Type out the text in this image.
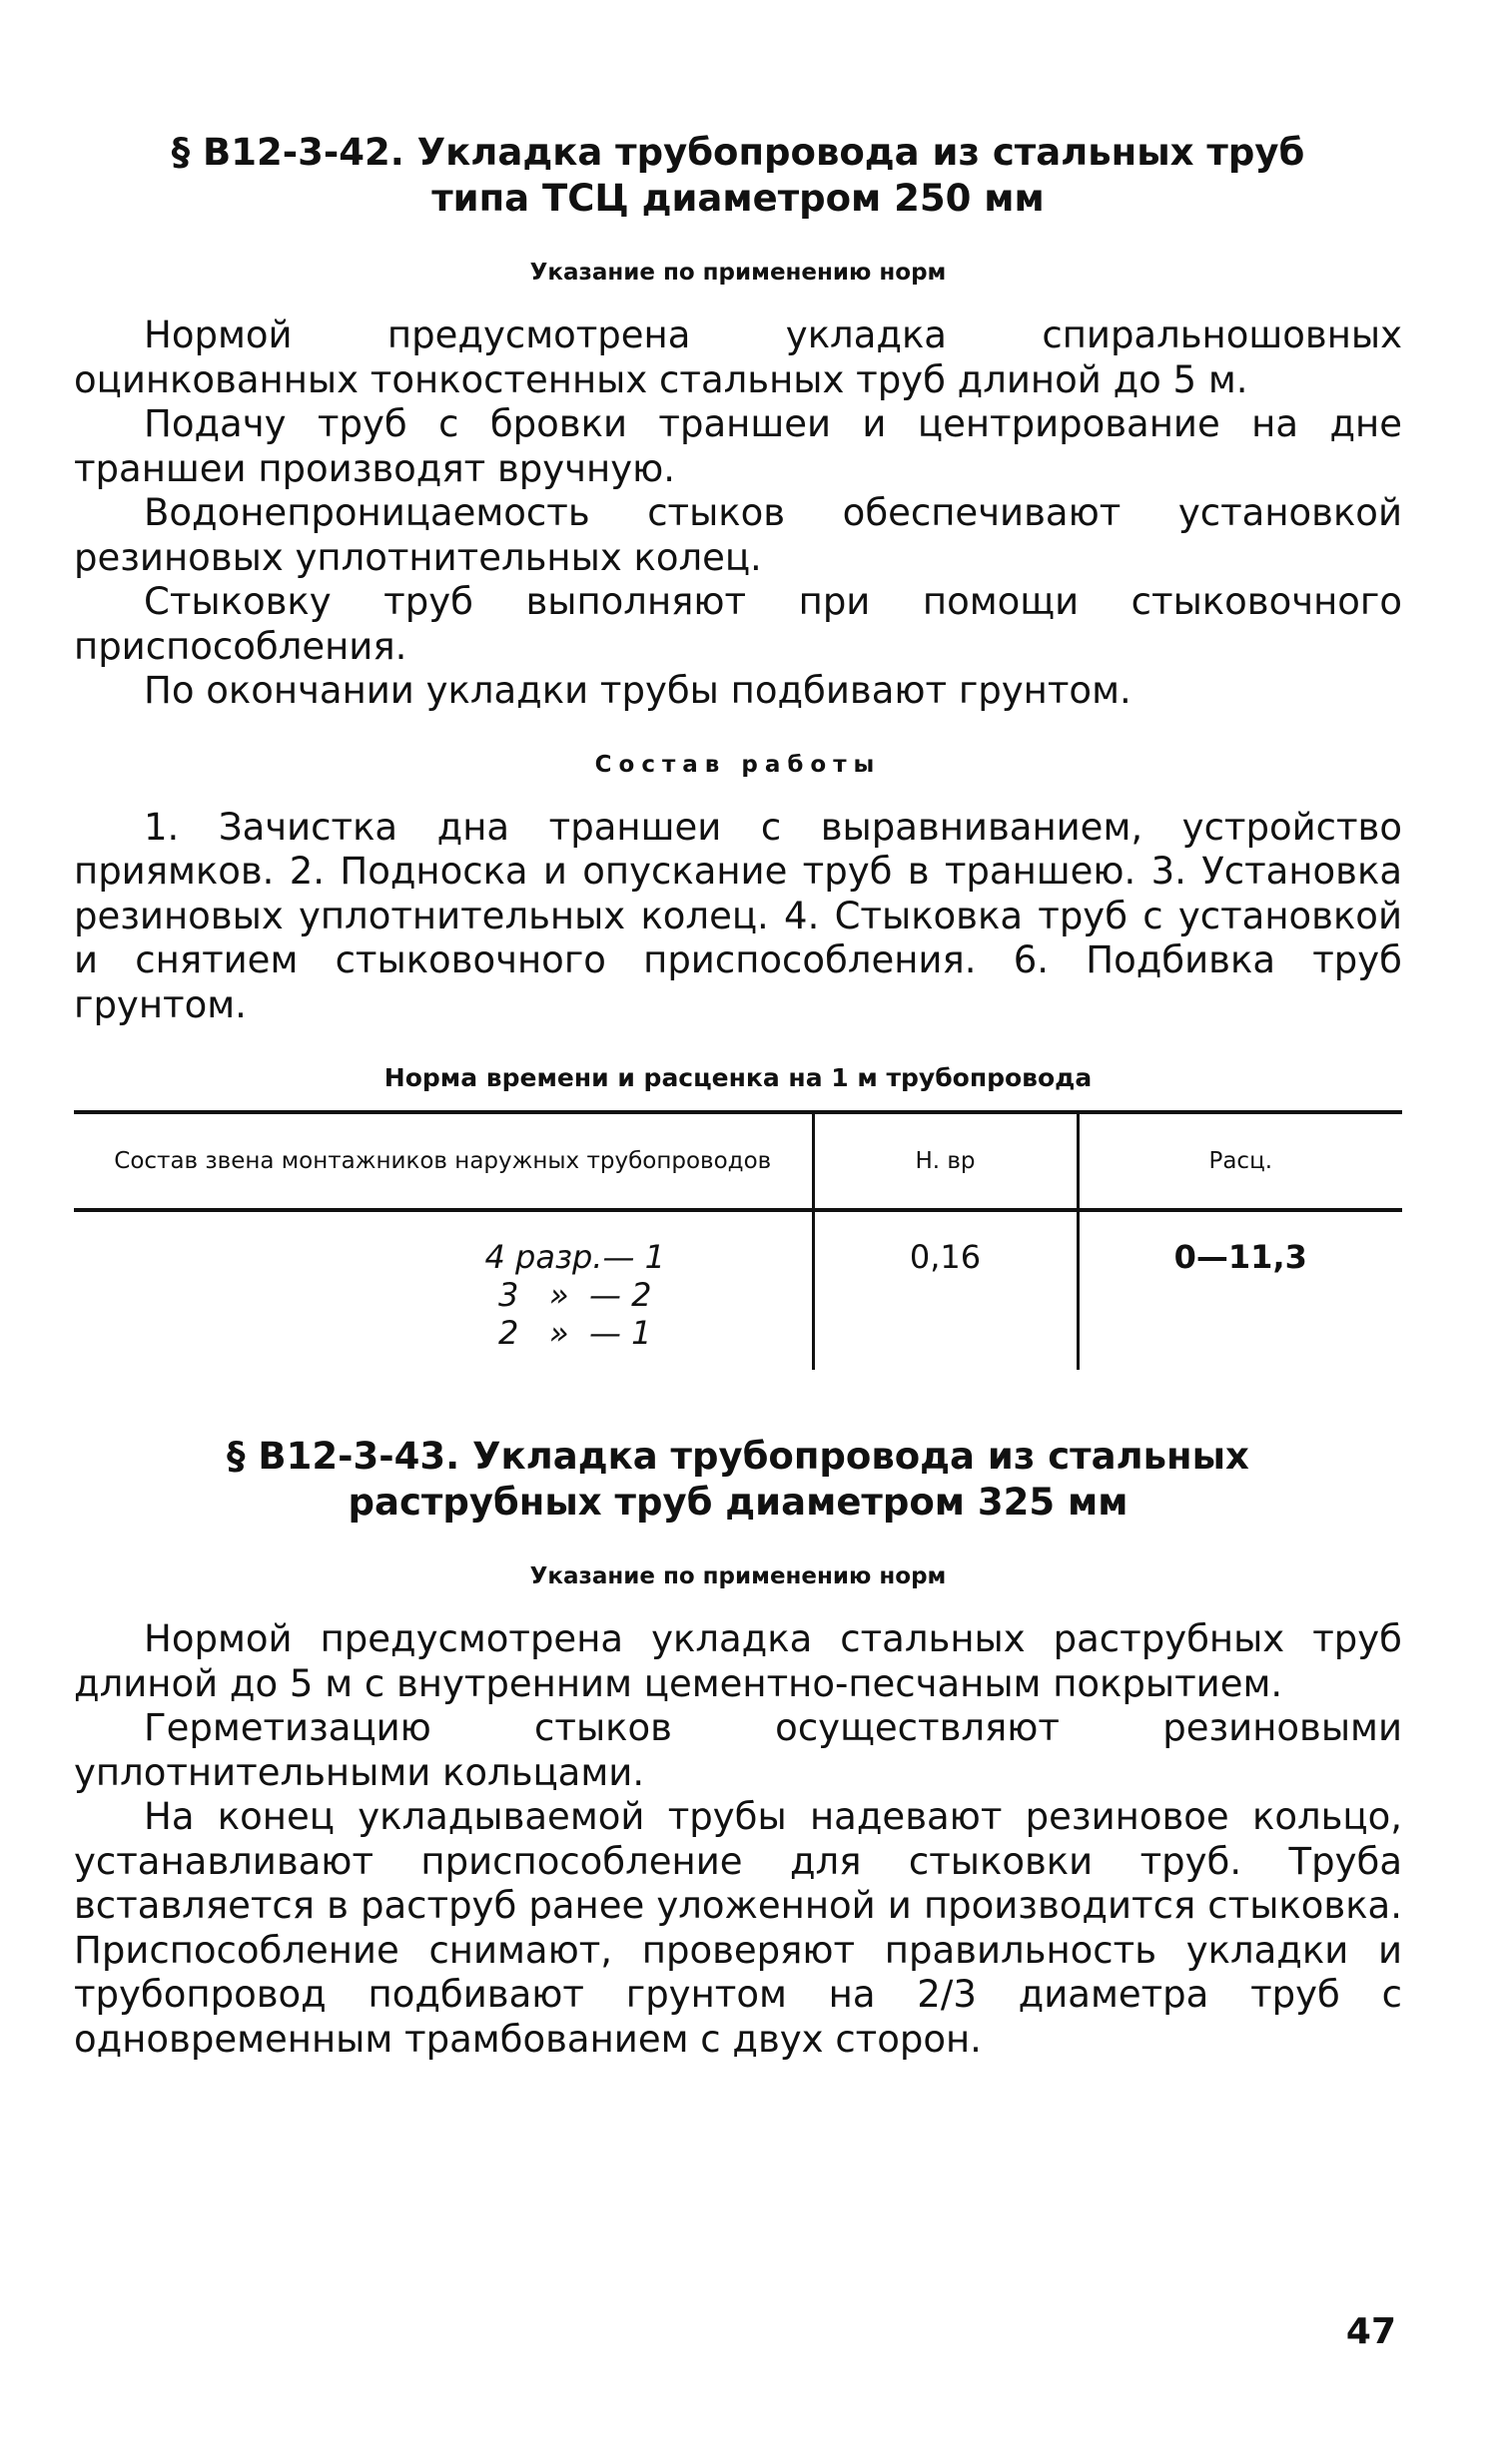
§ В12-3-42. Укладка трубопровода из стальных труб

типа ТСЦ диаметром 250 мм

Указание по применению норм

Нормой предусмотрена укладка спиральношовных оцинкованных тонкостенных стальных труб длиной до 5 м.

Подачу труб с бровки траншеи и центрирование на дне траншеи производят вручную.

Водонепроницаемость стыков обеспечивают установкой резиновых уплотнительных колец.

Стыковку труб выполняют при помощи стыковочного приспособления.

По окончании укладки трубы подбивают грунтом.

Состав работы

1. Зачистка дна траншеи с выравниванием, устройство приямков. 2. Подноска и опускание труб в траншею. 3. Установка резиновых уплотнительных колец. 4. Стыковка труб с установкой и снятием стыковочного приспособления. 6. Подбивка труб грунтом.

Норма времени и расценка на 1 м трубопровода
Состав звена монтажников наружных трубопроводов	Н. вр	Расц.

4 разр.— 1
3   »  — 2
2   »  — 1	0,16	0—11,3

§ В12-3-43. Укладка трубопровода из стальных

раструбных труб диаметром 325 мм

Указание по применению норм

Нормой предусмотрена укладка стальных раструбных труб длиной до 5 м с внутренним цементно-песчаным покрытием.

Герметизацию стыков осуществляют резиновыми уплотнительными кольцами.

На конец укладываемой трубы надевают резиновое кольцо, устанавливают приспособление для стыковки труб. Труба вставляется в раструб ранее уложенной и производится стыковка. Приспособление снимают, проверяют правильность укладки и трубопровод подбивают грунтом на 2/3 диаметра труб с одновременным трамбованием с двух сторон.

47
